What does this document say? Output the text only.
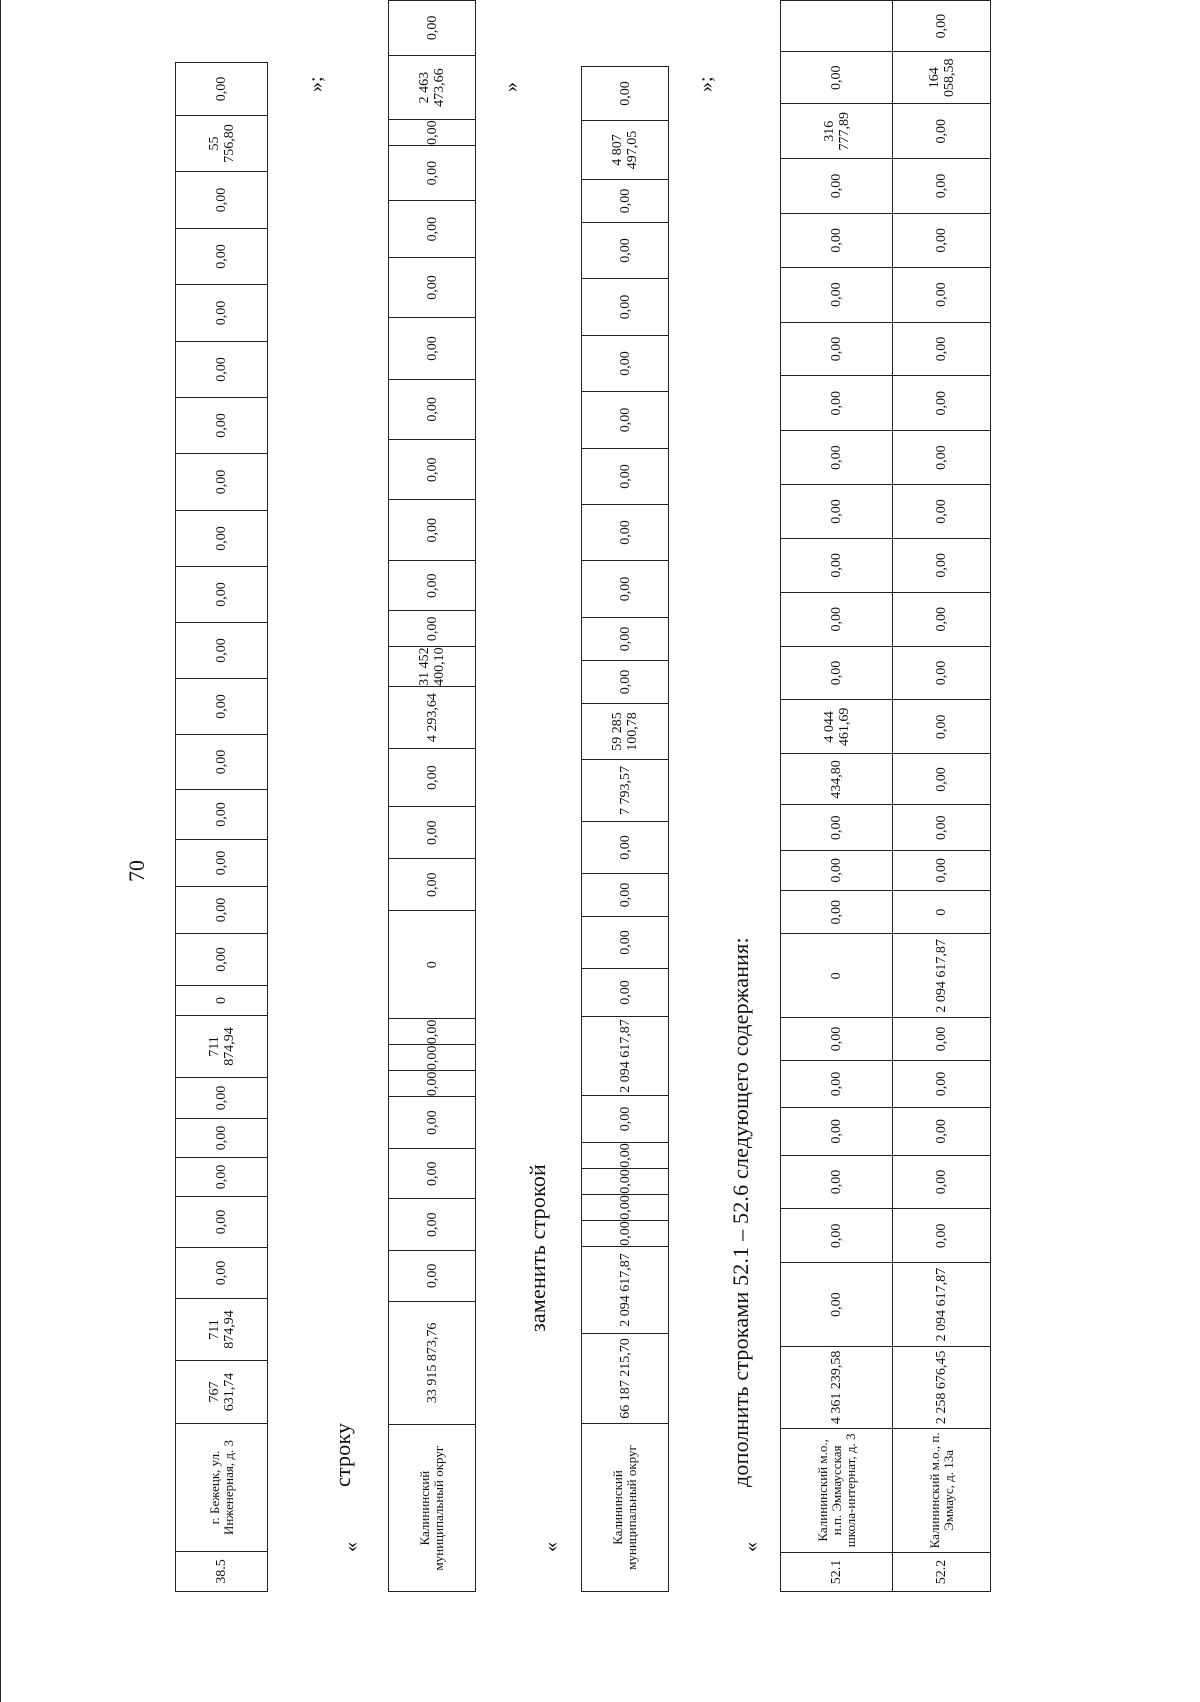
70
38.5	г. Бежецк, ул. Инженерная, д. 3	767 631,74	711 874,94	0,00	0,00	0,00	0,00	0,00	711 874,94	0	0,00	0,00	0,00	0,00	0,00	0,00	0,00	0,00	0,00	0,00	0,00	0,00	0,00	0,00	0,00	55 756,80	0,00	»;
«
строку
Калининский муниципальный округ	33 915 873,76	0,00	0,00	0,00	0,00	0,00	0,00	0,00	0	0,00	0,00	0,00	4 293,64	31 452 400,10	0,00	0,00	0,00	0,00	0,00	0,00	0,00	0,00	0,00	0,00	2 463 473,66	0,00
»
«
заменить строкой
Калининский муниципальный округ	66 187 215,70	2 094 617,87	0,00	0,00	0,00	0,00	0,00	2 094 617,87	0,00	0,00	0,00	0,00	7 793,57	59 285 100,78	0,00	0,00	0,00	0,00	0,00	0,00	0,00	0,00	0,00	0,00	4 807 497,05	0,00	»;
«
дополнить строками 52.1 – 52.6 следующего содержания:
52.1	Калининский м.о., н.п. Эммаусская школа-интернат, д. 3	4 361 239,58	0,00	0,00	0,00	0,00	0,00	0,00	0	0,00	0,00	0,00	434,80	4 044 461,69	0,00	0,00	0,00	0,00	0,00	0,00	0,00	0,00	0,00	0,00	316 777,89	0,00	
52.2	Калининский м.о., п. Эммаус, д. 13а	2 258 676,45	2 094 617,87	0,00	0,00	0,00	0,00	0,00	2 094 617,87	0	0,00	0,00	0,00	0,00	0,00	0,00	0,00	0,00	0,00	0,00	0,00	0,00	0,00	0,00	0,00	164 058,58	0,00
